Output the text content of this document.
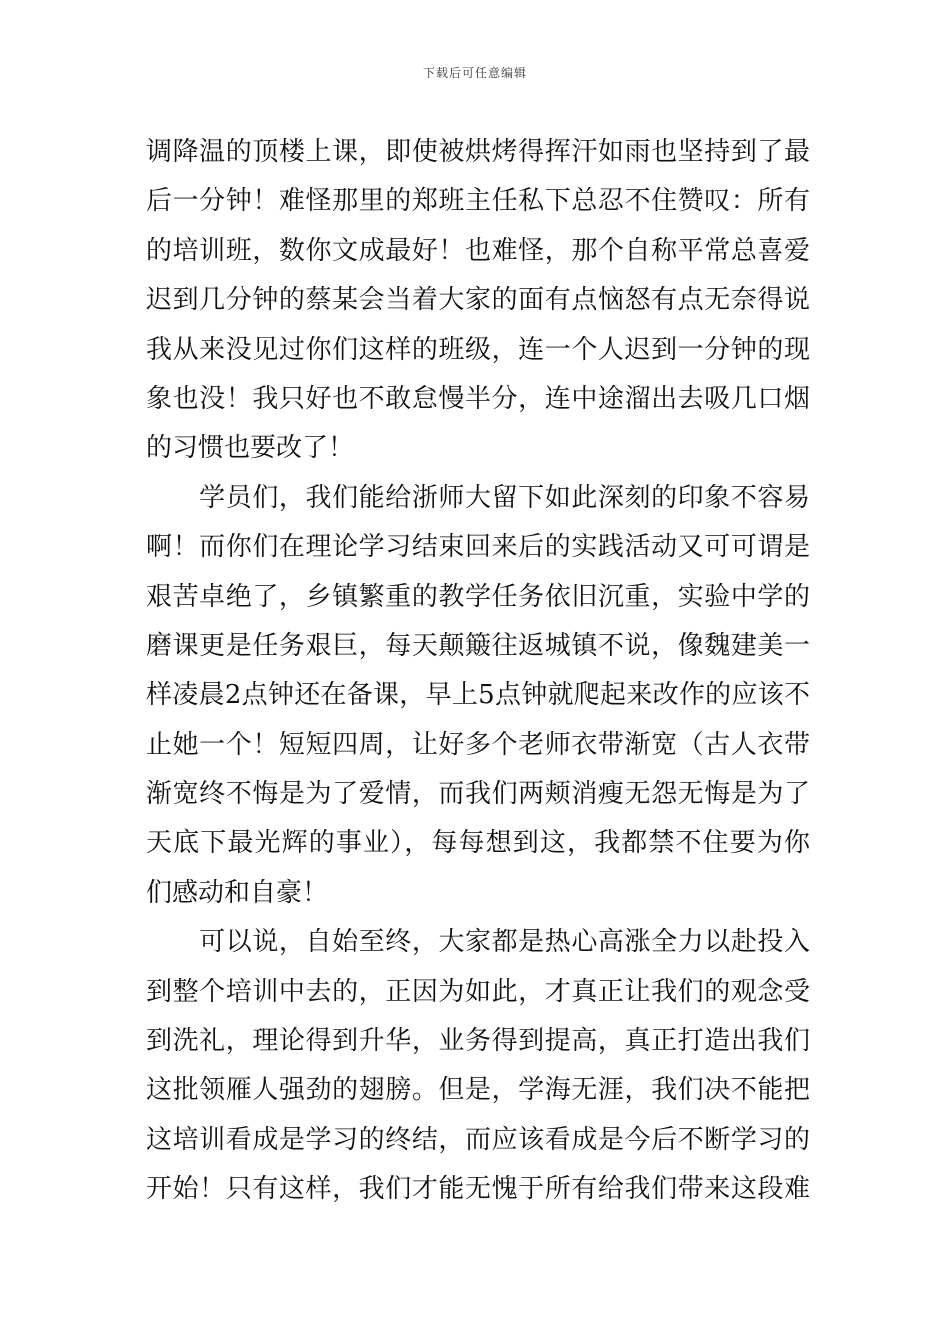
下载后可任意编辑
调降温的顶楼上课，即使被烘烤得挥汗如雨也坚持到了最
后一分钟！难怪那里的郑班主任私下总忍不住赞叹：所有
的培训班，数你文成最好！也难怪，那个自称平常总喜爱
迟到几分钟的蔡某会当着大家的面有点恼怒有点无奈得说
我从来没见过你们这样的班级，连一个人迟到一分钟的现
象也没！我只好也不敢怠慢半分，连中途溜出去吸几口烟
的习惯也要改了！
　　学员们，我们能给浙师大留下如此深刻的印象不容易
啊！而你们在理论学习结束回来后的实践活动又可可谓是
艰苦卓绝了，乡镇繁重的教学任务依旧沉重，实验中学的
磨课更是任务艰巨，每天颠簸往返城镇不说，像魏建美一
样凌晨2点钟还在备课，早上5点钟就爬起来改作的应该不
止她一个！短短四周，让好多个老师衣带渐宽（古人衣带
渐宽终不悔是为了爱情，而我们两颊消瘦无怨无悔是为了
天底下最光辉的事业），每每想到这，我都禁不住要为你
们感动和自豪！
　　可以说，自始至终，大家都是热心高涨全力以赴投入
到整个培训中去的，正因为如此，才真正让我们的观念受
到洗礼，理论得到升华，业务得到提高，真正打造出我们
这批领雁人强劲的翅膀。但是，学海无涯，我们决不能把
这培训看成是学习的终结，而应该看成是今后不断学习的
开始！只有这样，我们才能无愧于所有给我们带来这段难
